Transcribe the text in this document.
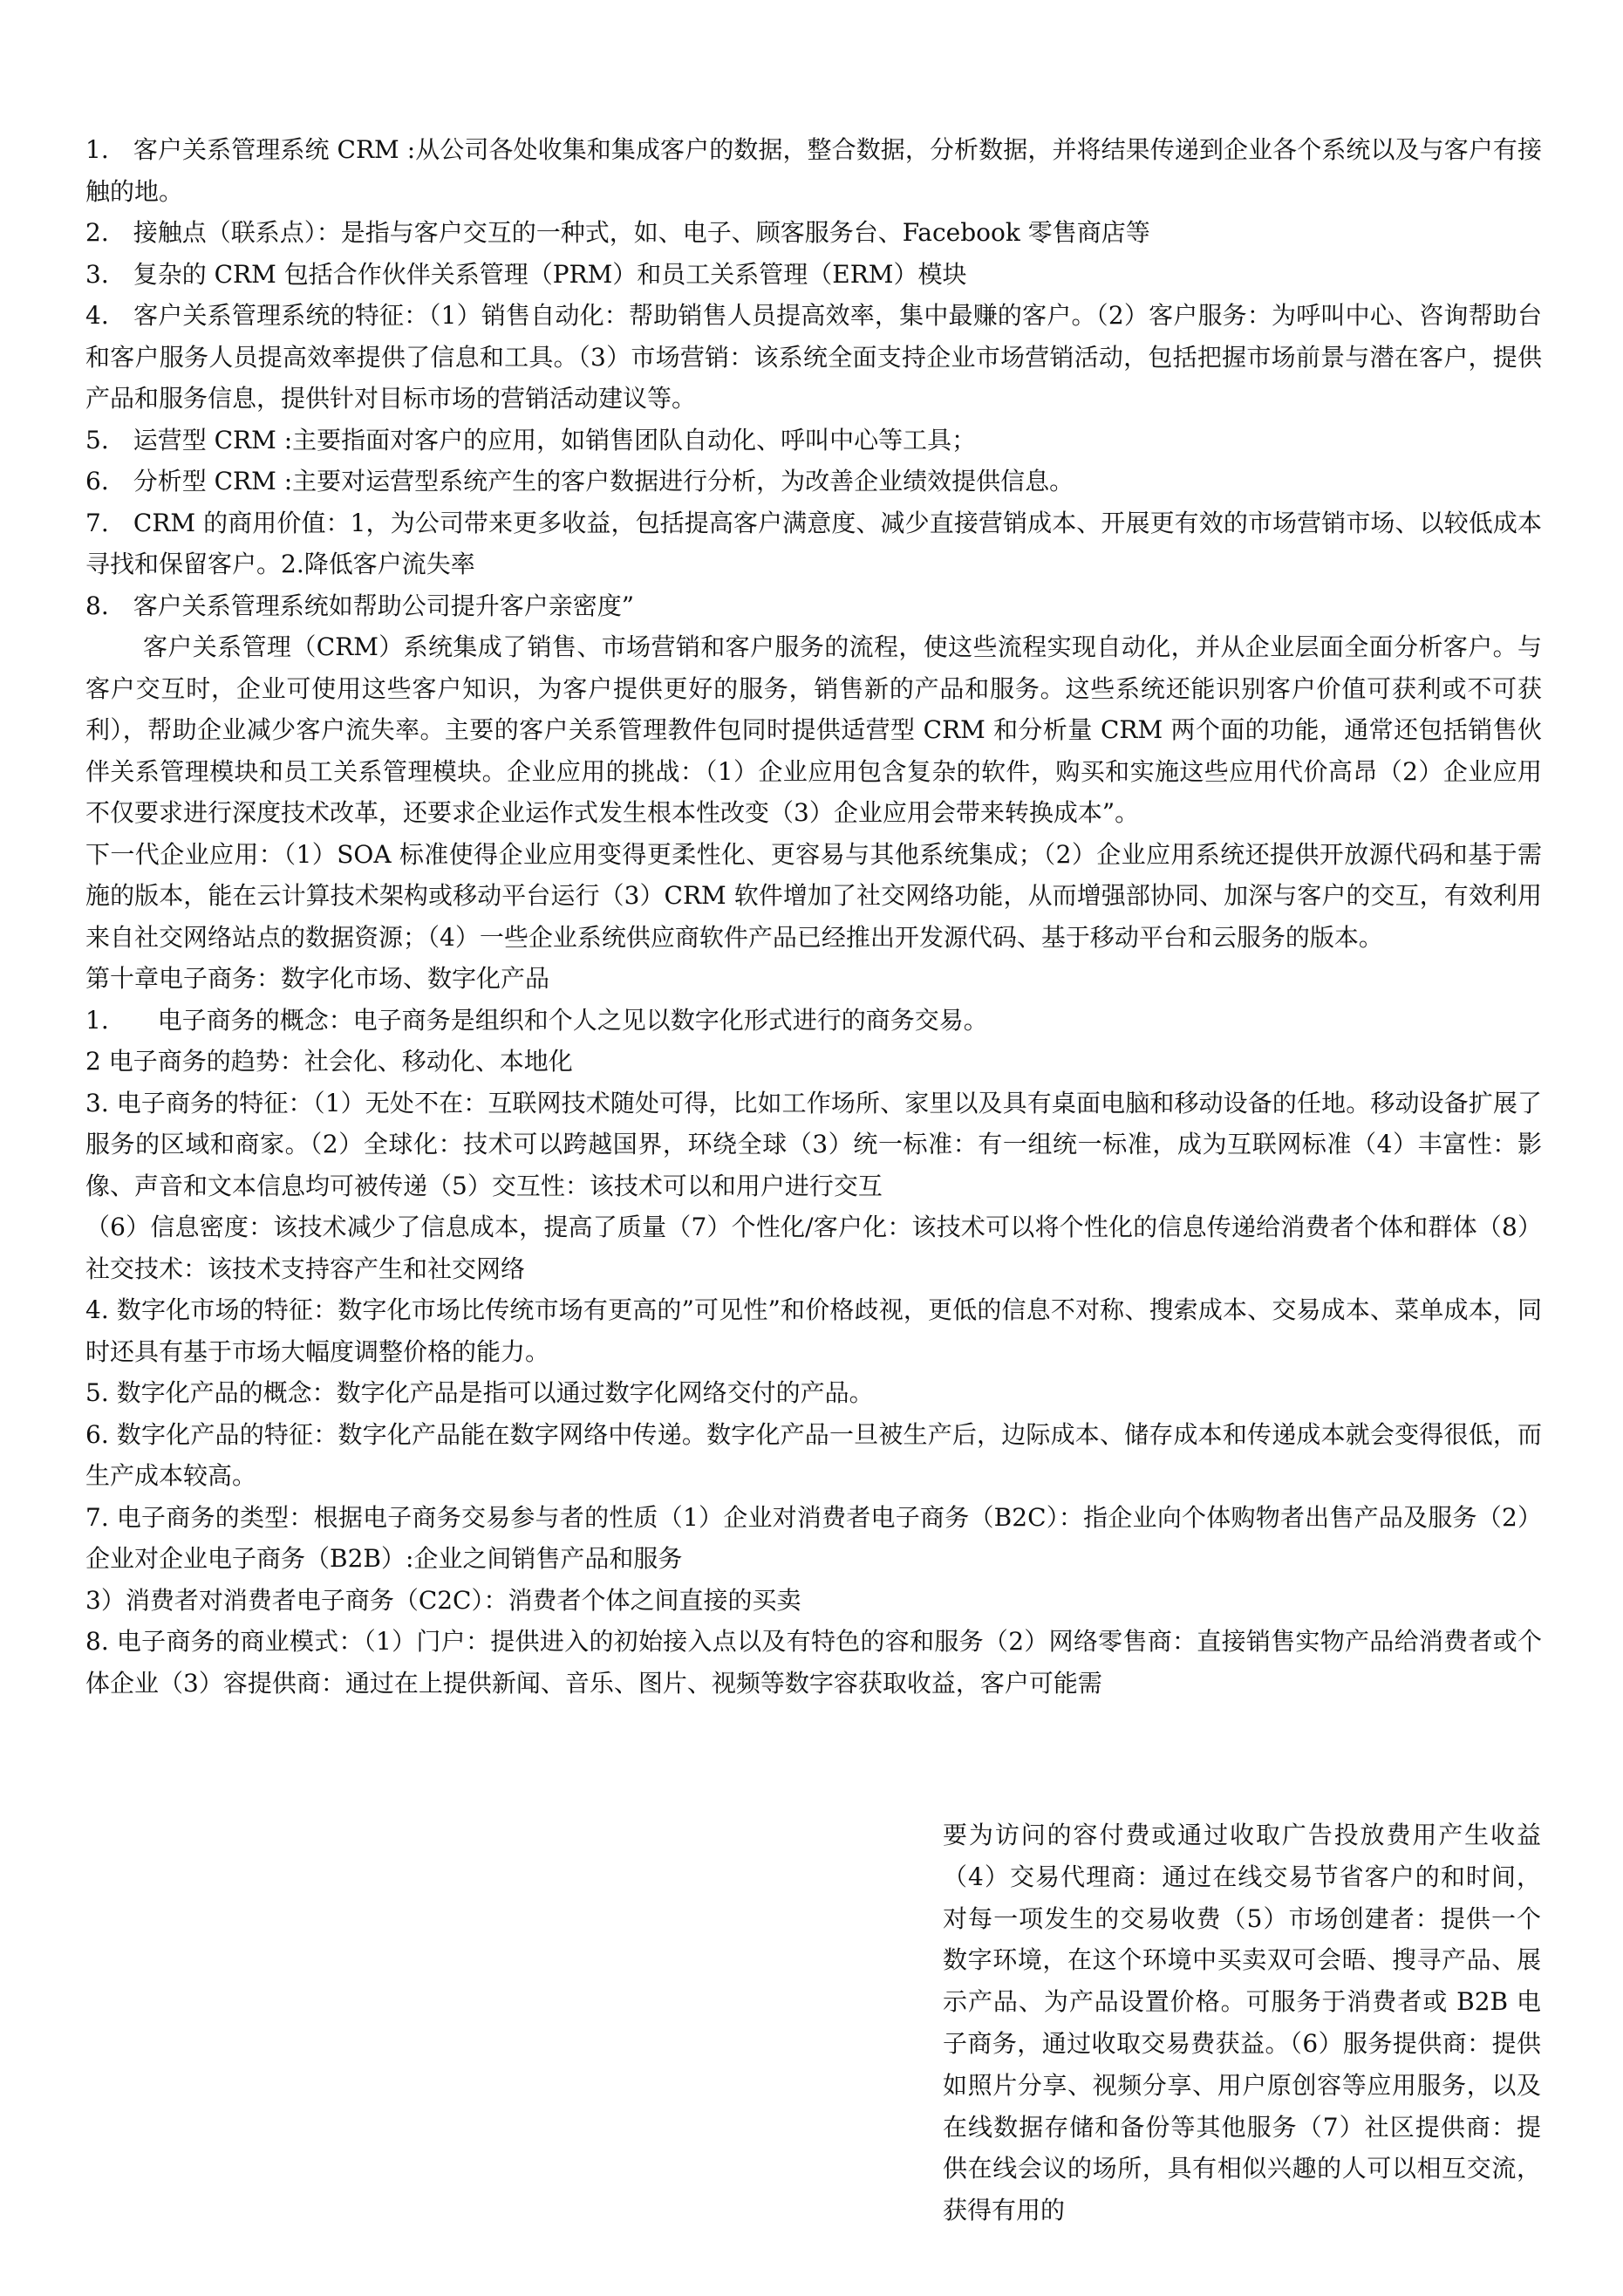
1.　客户关系管理系统 CRM :从公司各处收集和集成客户的数据，整合数据，分析数据，并将结果传递到企业各个系统以及与客户有接触的地。

2.　接触点（联系点）：是指与客户交互的一种式，如、电子、顾客服务台、Facebook 零售商店等

3.　复杂的 CRM 包括合作伙伴关系管理（PRM）和员工关系管理（ERM）模块

4.　客户关系管理系统的特征：（1）销售自动化：帮助销售人员提高效率，集中最赚的客户。（2）客户服务：为呼叫中心、咨询帮助台和客户服务人员提高效率提供了信息和工具。（3）市场营销：该系统全面支持企业市场营销活动，包括把握市场前景与潜在客户，提供产品和服务信息，提供针对目标市场的营销活动建议等。

5.　运营型 CRM :主要指面对客户的应用，如销售团队自动化、呼叫中心等工具；

6.　分析型 CRM :主要对运营型系统产生的客户数据进行分析，为改善企业绩效提供信息。

7.　CRM 的商用价值：1，为公司带来更多收益，包括提高客户满意度、减少直接营销成本、开展更有效的市场营销市场、以较低成本寻找和保留客户。2.降低客户流失率

8.　客户关系管理系统如帮助公司提升客户亲密度”

客户关系管理（CRM）系统集成了销售、市场营销和客户服务的流程，使这些流程实现自动化，并从企业层面全面分析客户。与客户交互时，企业可使用这些客户知识，为客户提供更好的服务，销售新的产品和服务。这些系统还能识别客户价值可获利或不可获利），帮助企业减少客户流失率。主要的客户关系管理教件包同时提供适营型 CRM 和分析量 CRM 两个面的功能，通常还包括销售伙伴关系管理模块和员工关系管理模块。企业应用的挑战：（1）企业应用包含复杂的软件，购买和实施这些应用代价高昂（2）企业应用不仅要求进行深度技术改革，还要求企业运作式发生根本性改变（3）企业应用会带来转换成本”。

下一代企业应用：（1）SOA 标准使得企业应用变得更柔性化、更容易与其他系统集成；（2）企业应用系统还提供开放源代码和基于需施的版本，能在云计算技术架构或移动平台运行（3）CRM 软件增加了社交网络功能，从而增强部协同、加深与客户的交互，有效利用来自社交网络站点的数据资源；（4）一些企业系统供应商软件产品已经推出开发源代码、基于移动平台和云服务的版本。

第十章电子商务：数字化市场、数字化产品

1.　　电子商务的概念：电子商务是组织和个人之见以数字化形式进行的商务交易。

2 电子商务的趋势：社会化、移动化、本地化

3. 电子商务的特征：（1）无处不在：互联网技术随处可得，比如工作场所、家里以及具有桌面电脑和移动设备的任地。移动设备扩展了服务的区域和商家。（2）全球化：技术可以跨越国界，环绕全球（3）统一标准：有一组统一标准，成为互联网标准（4）丰富性：影像、声音和文本信息均可被传递（5）交互性：该技术可以和用户进行交互

（6）信息密度：该技术减少了信息成本，提高了质量（7）个性化/客户化：该技术可以将个性化的信息传递给消费者个体和群体（8）社交技术：该技术支持容产生和社交网络

4. 数字化市场的特征：数字化市场比传统市场有更高的”可见性”和价格歧视，更低的信息不对称、搜索成本、交易成本、菜单成本，同时还具有基于市场大幅度调整价格的能力。

5. 数字化产品的概念：数字化产品是指可以通过数字化网络交付的产品。

6. 数字化产品的特征：数字化产品能在数字网络中传递。数字化产品一旦被生产后，边际成本、储存成本和传递成本就会变得很低，而生产成本较高。

7. 电子商务的类型：根据电子商务交易参与者的性质（1）企业对消费者电子商务（B2C）：指企业向个体购物者出售产品及服务（2）企业对企业电子商务（B2B）:企业之间销售产品和服务

3）消费者对消费者电子商务（C2C）：消费者个体之间直接的买卖

8. 电子商务的商业模式：（1）门户：提供进入的初始接入点以及有特色的容和服务（2）网络零售商：直接销售实物产品给消费者或个体企业（3）容提供商：通过在上提供新闻、音乐、图片、视频等数字容获取收益，客户可能需

要为访问的容付费或通过收取广告投放费用产生收益（4）交易代理商：通过在线交易节省客户的和时间，对每一项发生的交易收费（5）市场创建者：提供一个数字环境，在这个环境中买卖双可会晤、搜寻产品、展示产品、为产品设置价格。可服务于消费者或 B2B 电子商务，通过收取交易费获益。（6）服务提供商：提供如照片分享、视频分享、用户原创容等应用服务，以及在线数据存储和备份等其他服务（7）社区提供商：提供在线会议的场所，具有相似兴趣的人可以相互交流，获得有用的
